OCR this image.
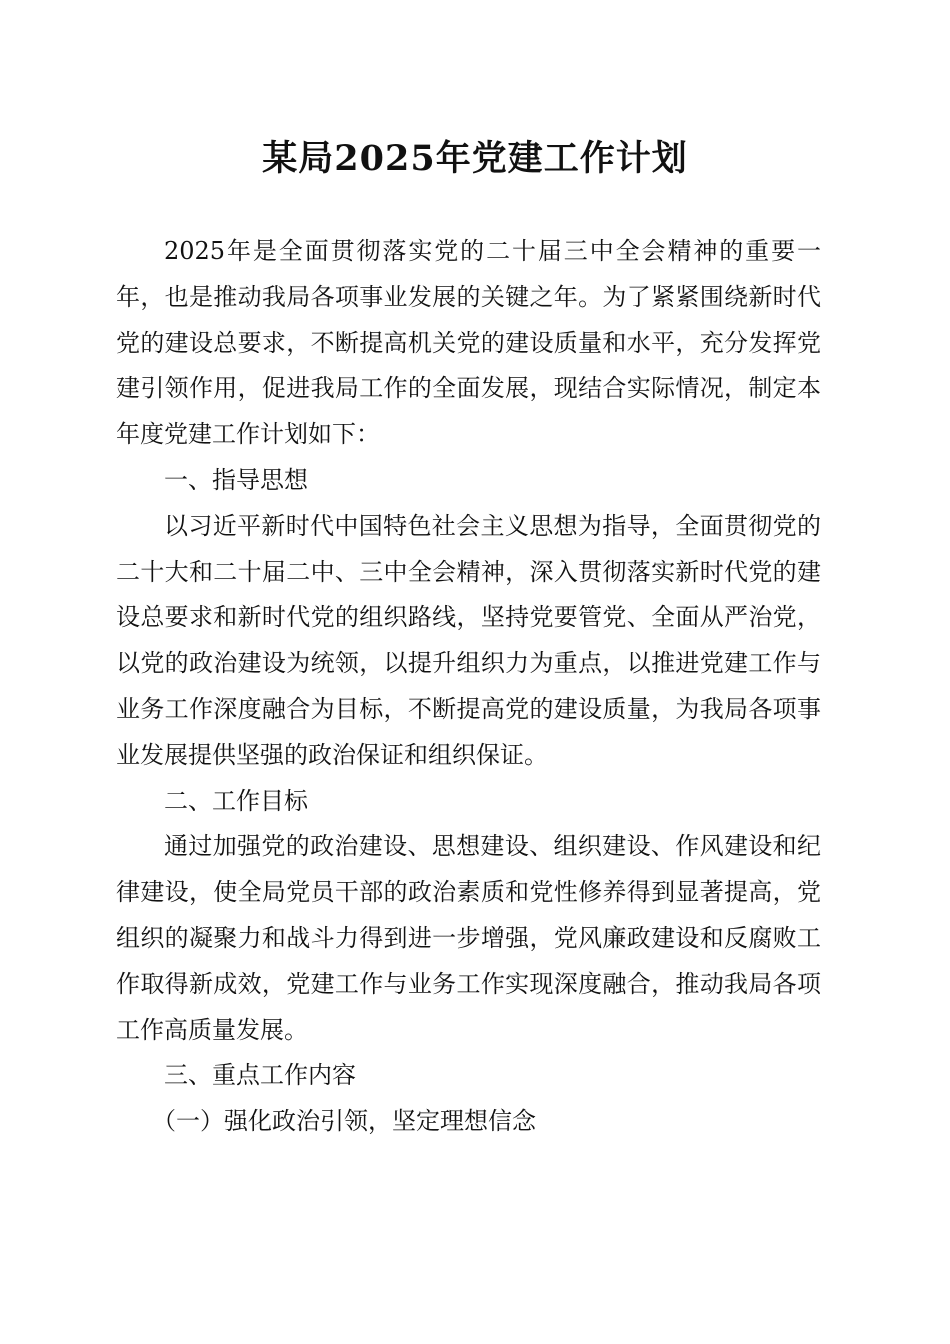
某局2025年党建工作计划

2025年是全面贯彻落实党的二十届三中全会精神的重要一年，也是推动我局各项事业发展的关键之年。为了紧紧围绕新时代党的建设总要求，不断提高机关党的建设质量和水平，充分发挥党建引领作用，促进我局工作的全面发展，现结合实际情况，制定本年度党建工作计划如下：

一、指导思想

以习近平新时代中国特色社会主义思想为指导，全面贯彻党的二十大和二十届二中、三中全会精神，深入贯彻落实新时代党的建设总要求和新时代党的组织路线，坚持党要管党、全面从严治党，以党的政治建设为统领，以提升组织力为重点，以推进党建工作与业务工作深度融合为目标，不断提高党的建设质量，为我局各项事业发展提供坚强的政治保证和组织保证。

二、工作目标

通过加强党的政治建设、思想建设、组织建设、作风建设和纪律建设，使全局党员干部的政治素质和党性修养得到显著提高，党组织的凝聚力和战斗力得到进一步增强，党风廉政建设和反腐败工作取得新成效，党建工作与业务工作实现深度融合，推动我局各项工作高质量发展。

三、重点工作内容

（一）强化政治引领，坚定理想信念
